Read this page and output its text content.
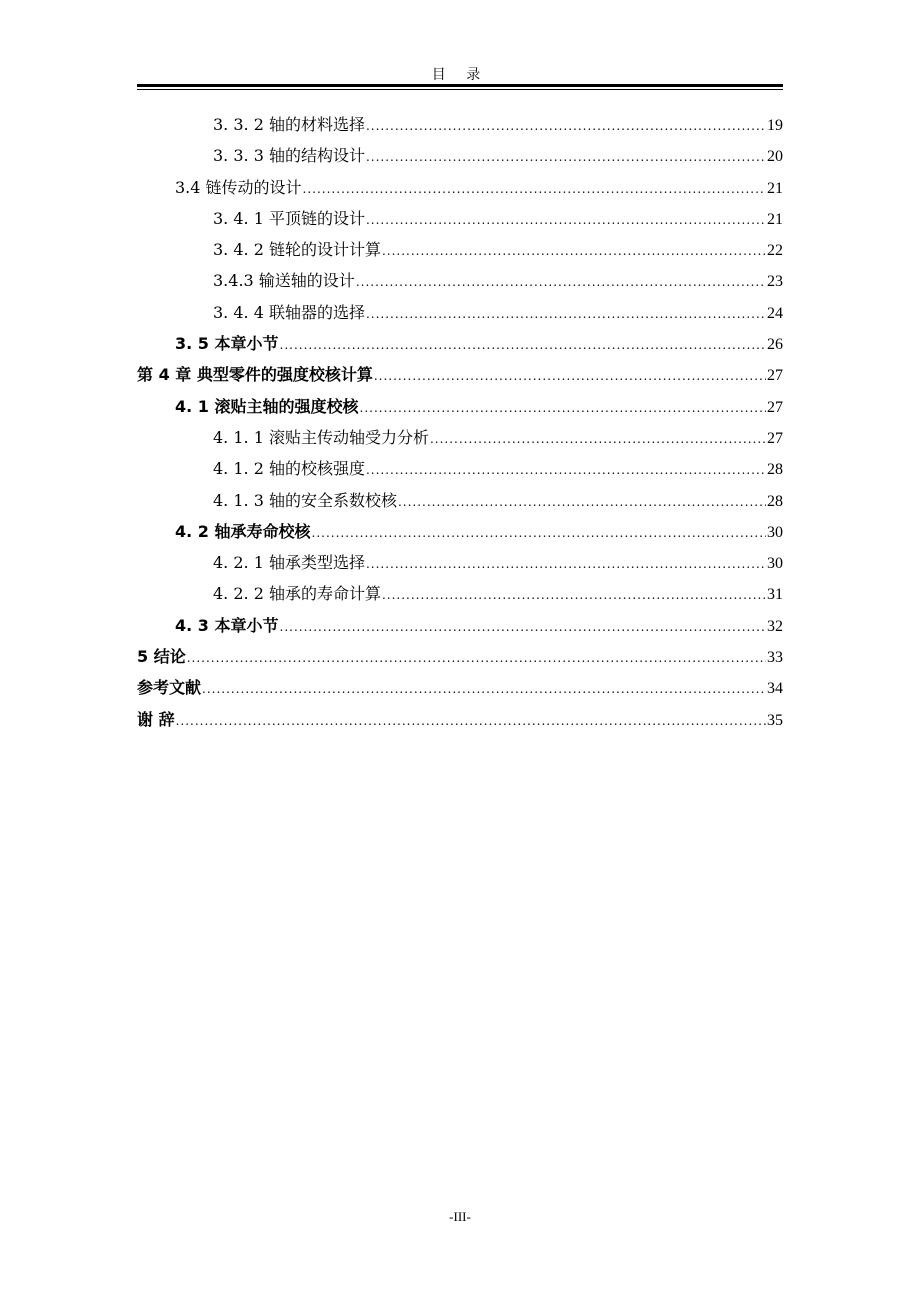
目 录
3. 3. 2 轴的材料选择 .....	19
3. 3. 3 轴的结构设计 .....	20
3.4 链传动的设计 .....	21
3. 4. 1 平顶链的设计 .....	21
3. 4. 2 链轮的设计计算 .....	22
3.4.3 输送轴的设计 .....	23
3. 4. 4 联轴器的选择 .....	24
3. 5 本章小节 .....	26
第 4 章 典型零件的强度校核计算 .....	27
4. 1 滚贴主轴的强度校核 .....	27
4. 1. 1 滚贴主传动轴受力分析 .....	27
4. 1. 2 轴的校核强度 .....	28
4. 1. 3 轴的安全系数校核 .....	28
4. 2 轴承寿命校核 .....	30
4. 2. 1 轴承类型选择 .....	30
4. 2. 2 轴承的寿命计算 .....	31
4. 3 本章小节 .....	32
5 结论 .....	33
参考文献 .....	34
谢 辞 .....	35
-III-
